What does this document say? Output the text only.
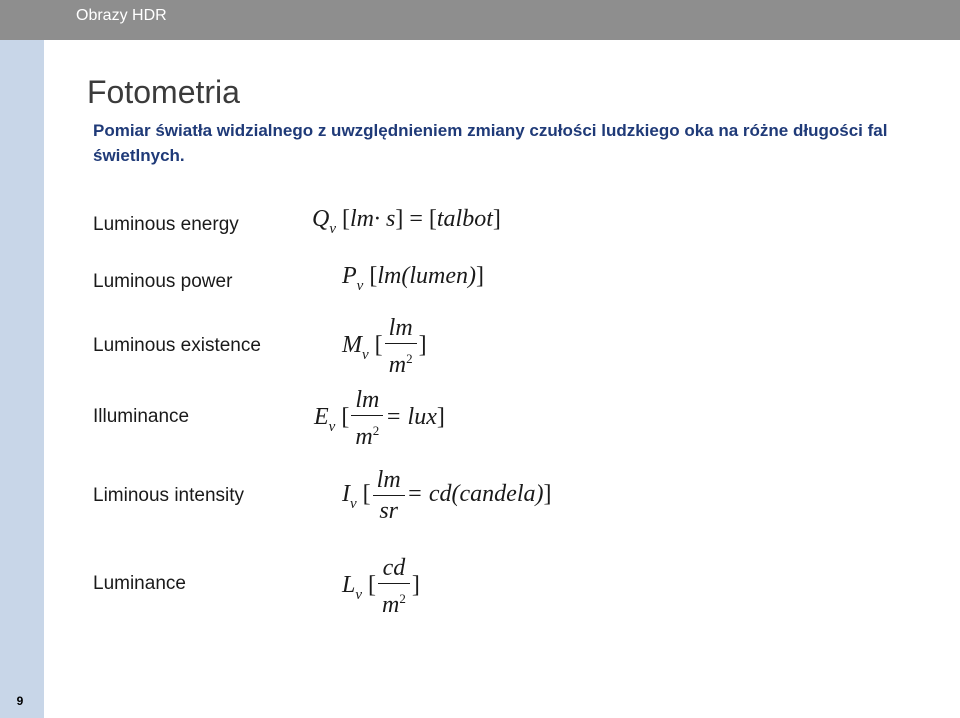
Obrazy HDR
9
Fotometria
Pomiar światła widzialnego z uwzględnieniem zmiany czułości ludzkiego oka na różne długości fal świetlnych.
Luminous energy
Luminous power
Luminous existence
Illuminance
Liminous intensity
Luminance
$Q_v$ [lm· s] = [talbot]
$P_v$ [lm(lumen)]
$M_v$ [ $\frac{lm}{m^2}$ ]
$E_v$ [ $\frac{lm}{m^2} = lux$]
$I_v$ [ $\frac{lm}{sr}$ = cd(candela)]
$L_v$ [ $\frac{cd}{m^2}$ ]
